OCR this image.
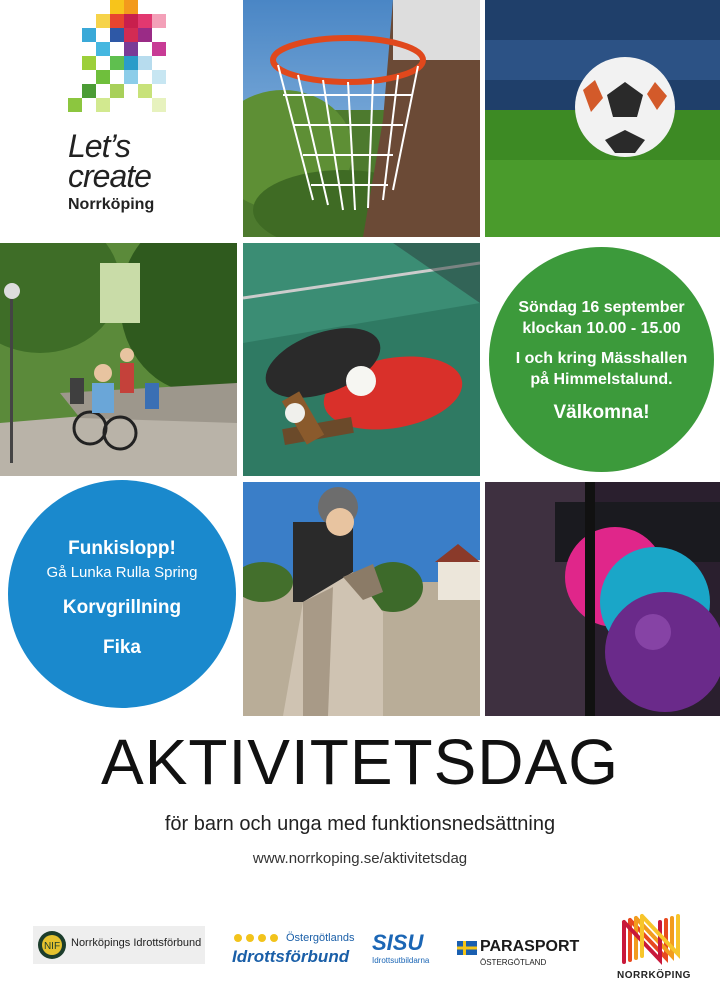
Let’s
create
Norrköping
Söndag 16 september
klockan 10.00 - 15.00
I och kring Mässhallen
på Himmelstalund.
Välkomna!
Funkislopp!
Gå Lunka Rulla Spring
Korvgrillning
Fika
AKTIVITETSDAG
för barn och unga med funktionsnedsättning
www.norrkoping.se/aktivitetsdag
NIF Norrköpings Idrottsförbund	Östergötlands
Idrottsförbund
SISU
Idrottsutbildarna
PARASPORT
ÖSTERGÖTLAND
NORRKÖPING
